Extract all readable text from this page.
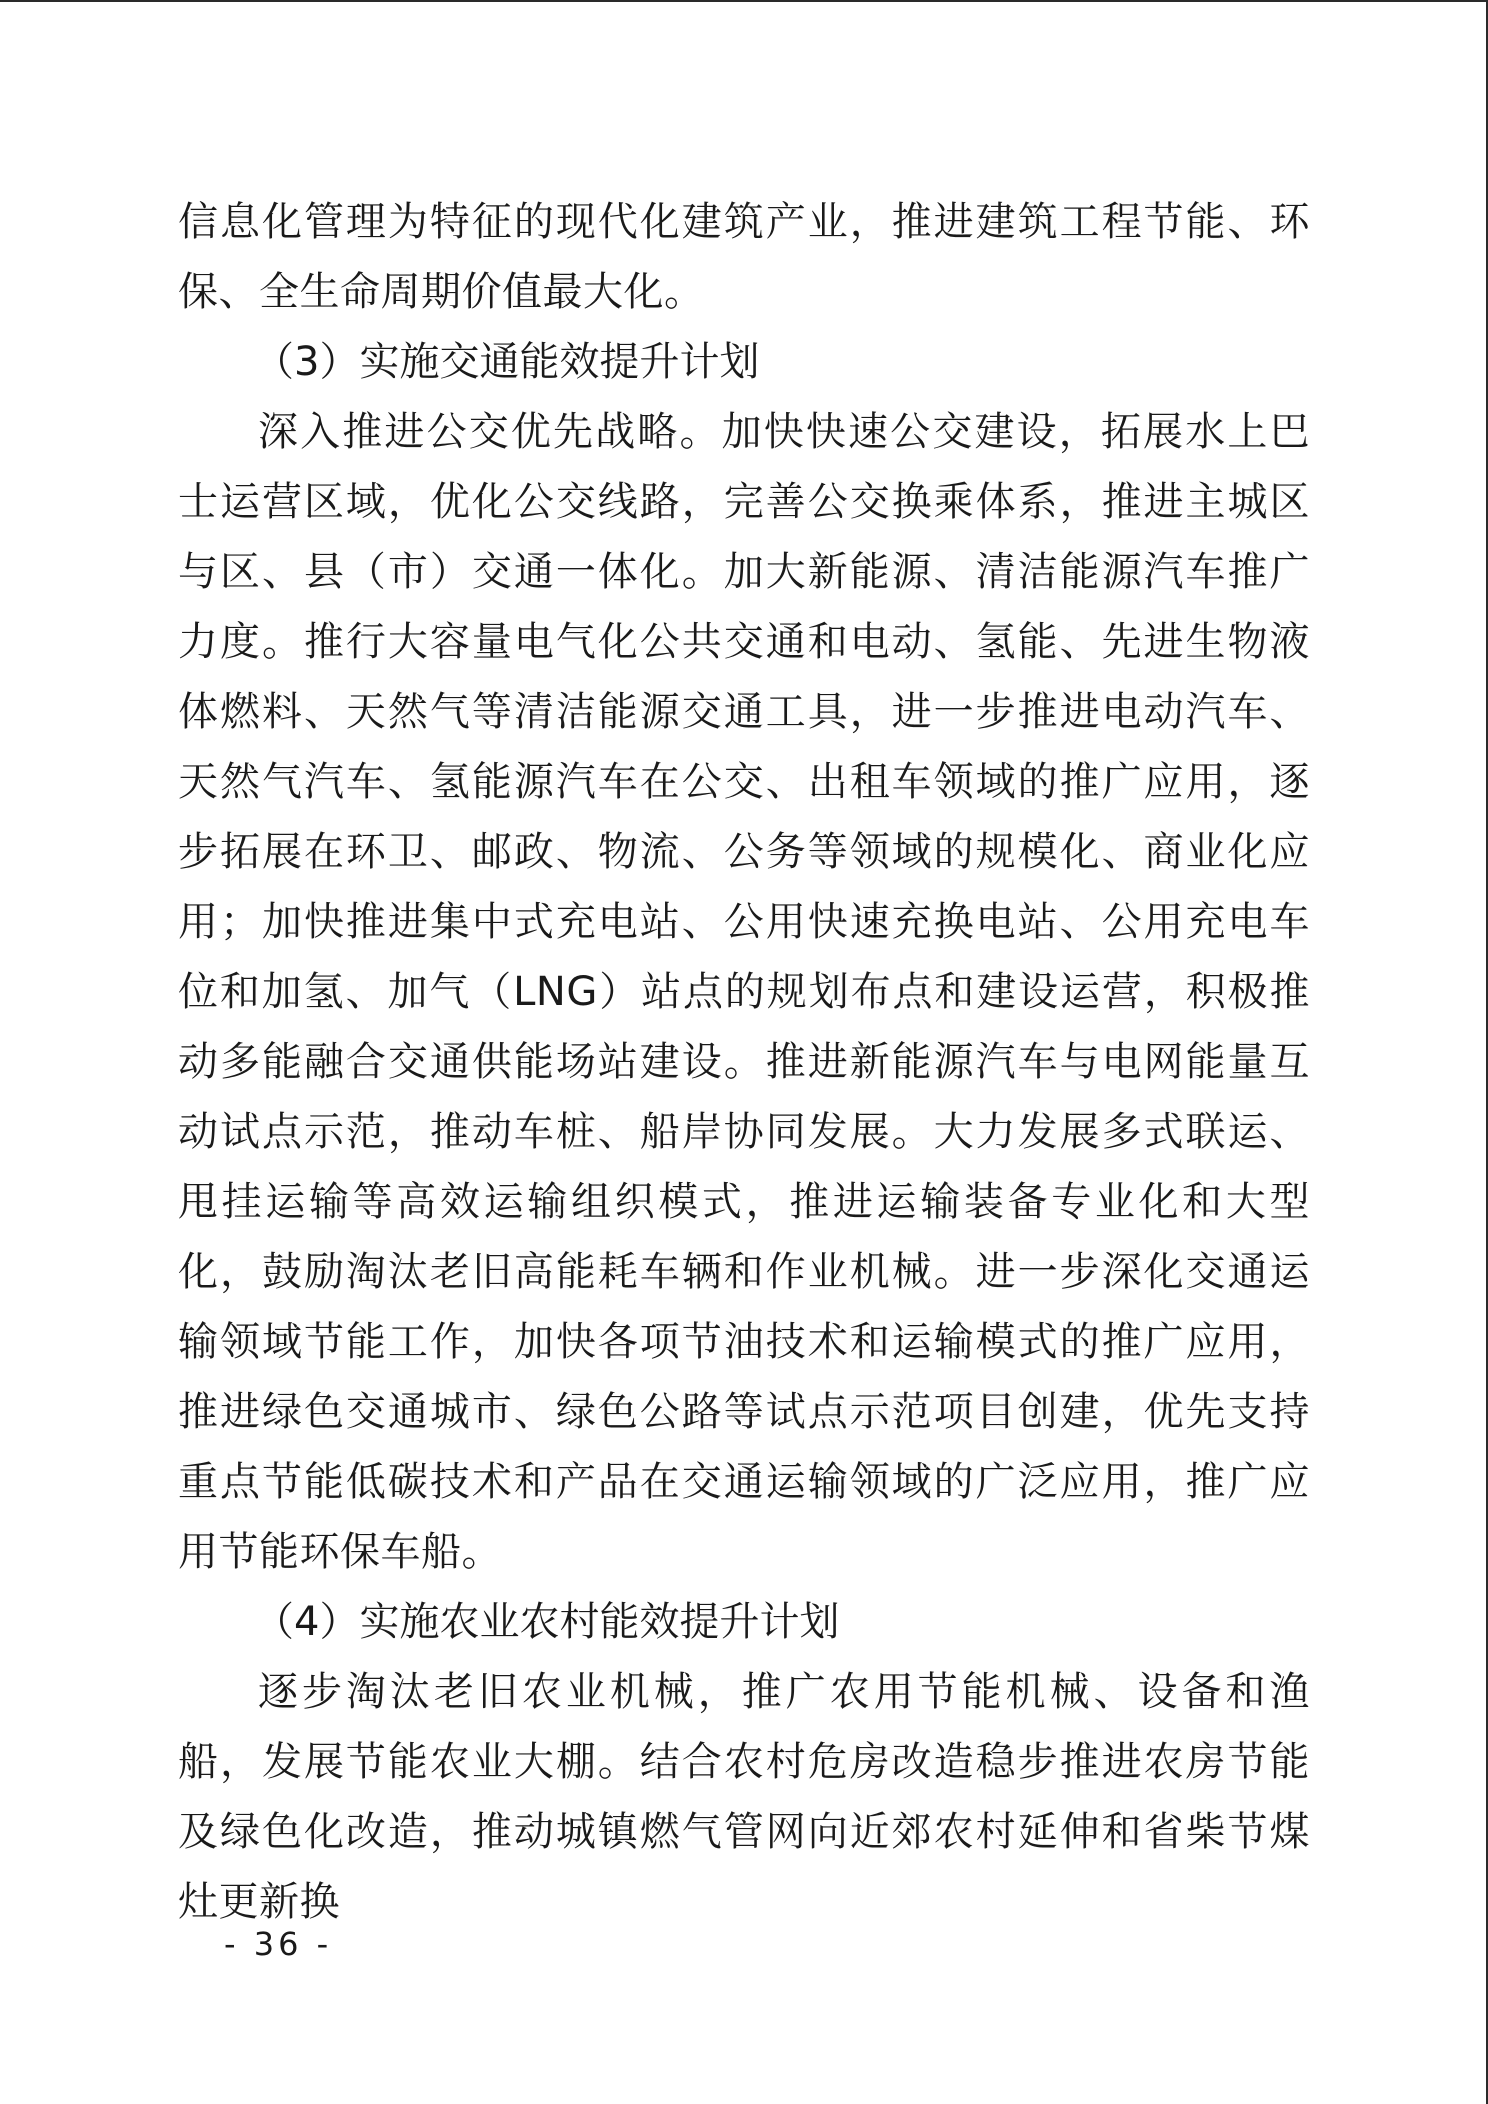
信息化管理为特征的现代化建筑产业，推进建筑工程节能、环保、全生命周期价值最大化。

（3）实施交通能效提升计划

深入推进公交优先战略。加快快速公交建设，拓展水上巴士运营区域，优化公交线路，完善公交换乘体系，推进主城区与区、县（市）交通一体化。加大新能源、清洁能源汽车推广力度。推行大容量电气化公共交通和电动、氢能、先进生物液体燃料、天然气等清洁能源交通工具，进一步推进电动汽车、天然气汽车、氢能源汽车在公交、出租车领域的推广应用，逐步拓展在环卫、邮政、物流、公务等领域的规模化、商业化应用；加快推进集中式充电站、公用快速充换电站、公用充电车位和加氢、加气（LNG）站点的规划布点和建设运营，积极推动多能融合交通供能场站建设。推进新能源汽车与电网能量互动试点示范，推动车桩、船岸协同发展。大力发展多式联运、甩挂运输等高效运输组织模式，推进运输装备专业化和大型化，鼓励淘汰老旧高能耗车辆和作业机械。进一步深化交通运输领域节能工作，加快各项节油技术和运输模式的推广应用，推进绿色交通城市、绿色公路等试点示范项目创建，优先支持重点节能低碳技术和产品在交通运输领域的广泛应用，推广应用节能环保车船。

（4）实施农业农村能效提升计划

逐步淘汰老旧农业机械，推广农用节能机械、设备和渔船，发展节能农业大棚。结合农村危房改造稳步推进农房节能及绿色化改造，推动城镇燃气管网向近郊农村延伸和省柴节煤灶更新换

- 36 -
